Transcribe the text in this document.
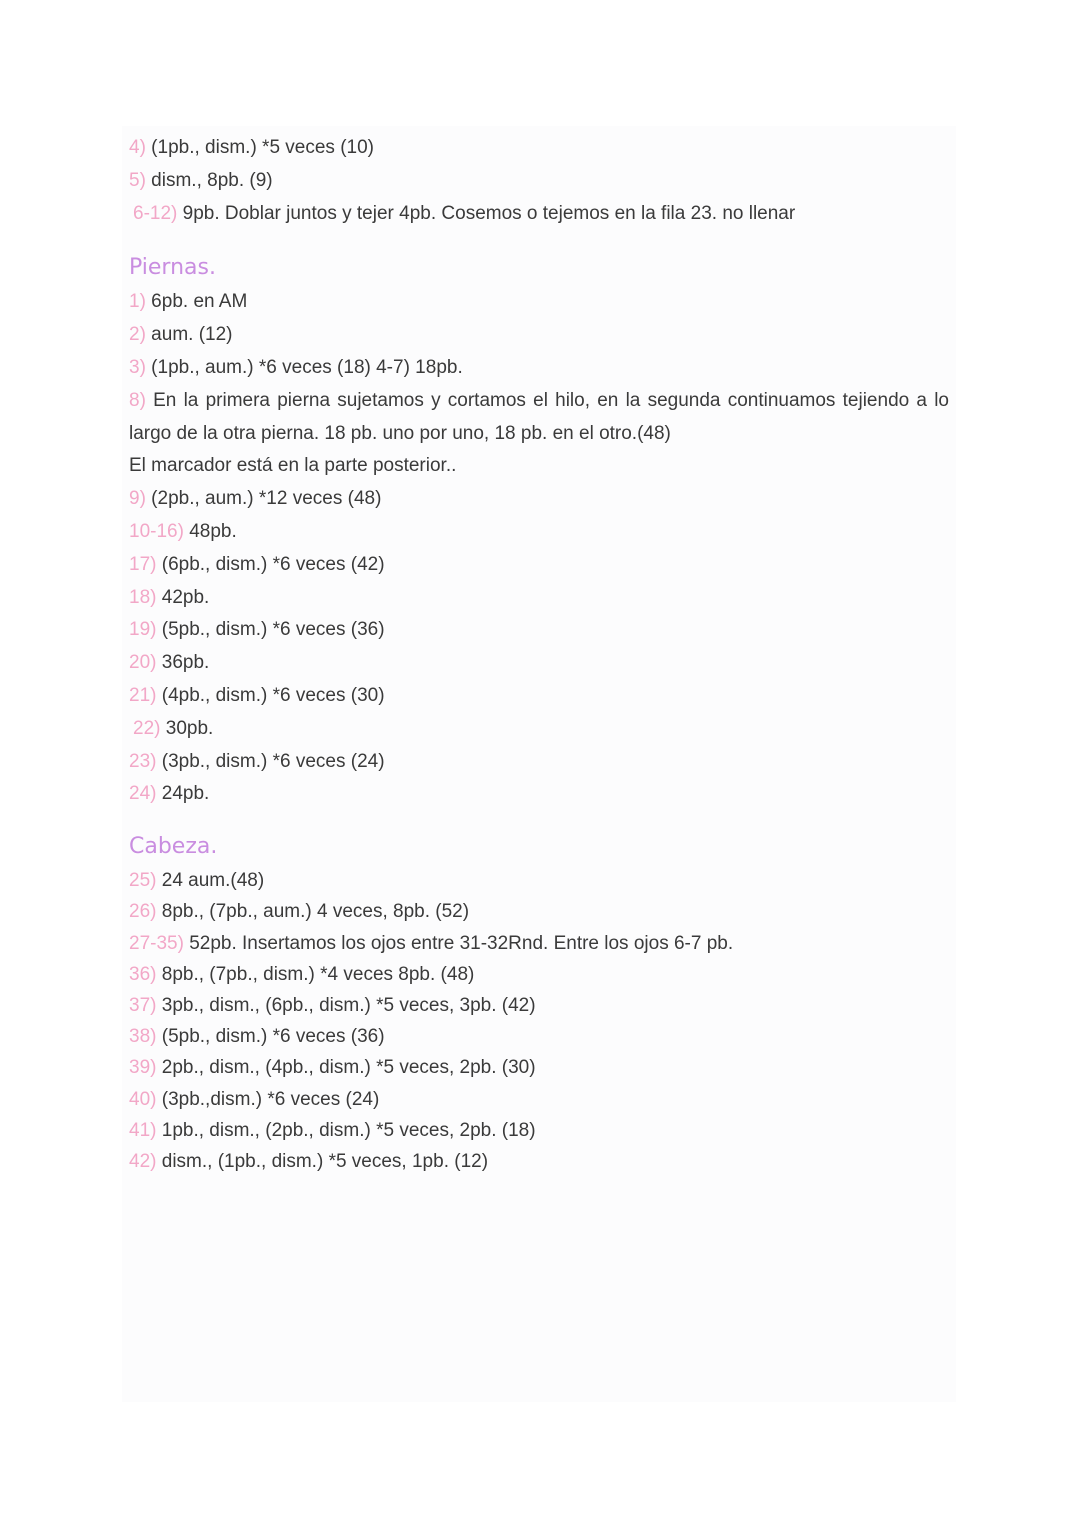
4) (1pb., dism.) *5 veces (10)
5) dism., 8pb. (9)
6-12) 9pb. Doblar juntos y tejer 4pb. Cosemos o tejemos en la fila 23. no llenar
Piernas.
1) 6pb. en AM
2) aum. (12)
3) (1pb., aum.) *6 veces (18) 4-7) 18pb.
8) En la primera pierna sujetamos y cortamos el hilo, en la segunda continuamos tejiendo a lo largo de la otra pierna. 18 pb. uno por uno, 18 pb. en el otro.(48)
El marcador está en la parte posterior..
9) (2pb., aum.) *12 veces (48)
10-16) 48pb.
17) (6pb., dism.) *6 veces (42)
18) 42pb.
19) (5pb., dism.) *6 veces (36)
20) 36pb.
21) (4pb., dism.) *6 veces (30)
22) 30pb.
23) (3pb., dism.) *6 veces (24)
24) 24pb.
Cabeza.
25) 24 aum.(48)
26) 8pb., (7pb., aum.) 4 veces, 8pb. (52)
27-35) 52pb. Insertamos los ojos entre 31-32Rnd. Entre los ojos 6-7 pb.
36) 8pb., (7pb., dism.) *4 veces 8pb. (48)
37) 3pb., dism., (6pb., dism.) *5 veces, 3pb. (42)
38) (5pb., dism.) *6 veces (36)
39) 2pb., dism., (4pb., dism.) *5 veces, 2pb. (30)
40) (3pb.,dism.) *6 veces (24)
41) 1pb., dism., (2pb., dism.) *5 veces, 2pb. (18)
42) dism., (1pb., dism.) *5 veces, 1pb. (12)
